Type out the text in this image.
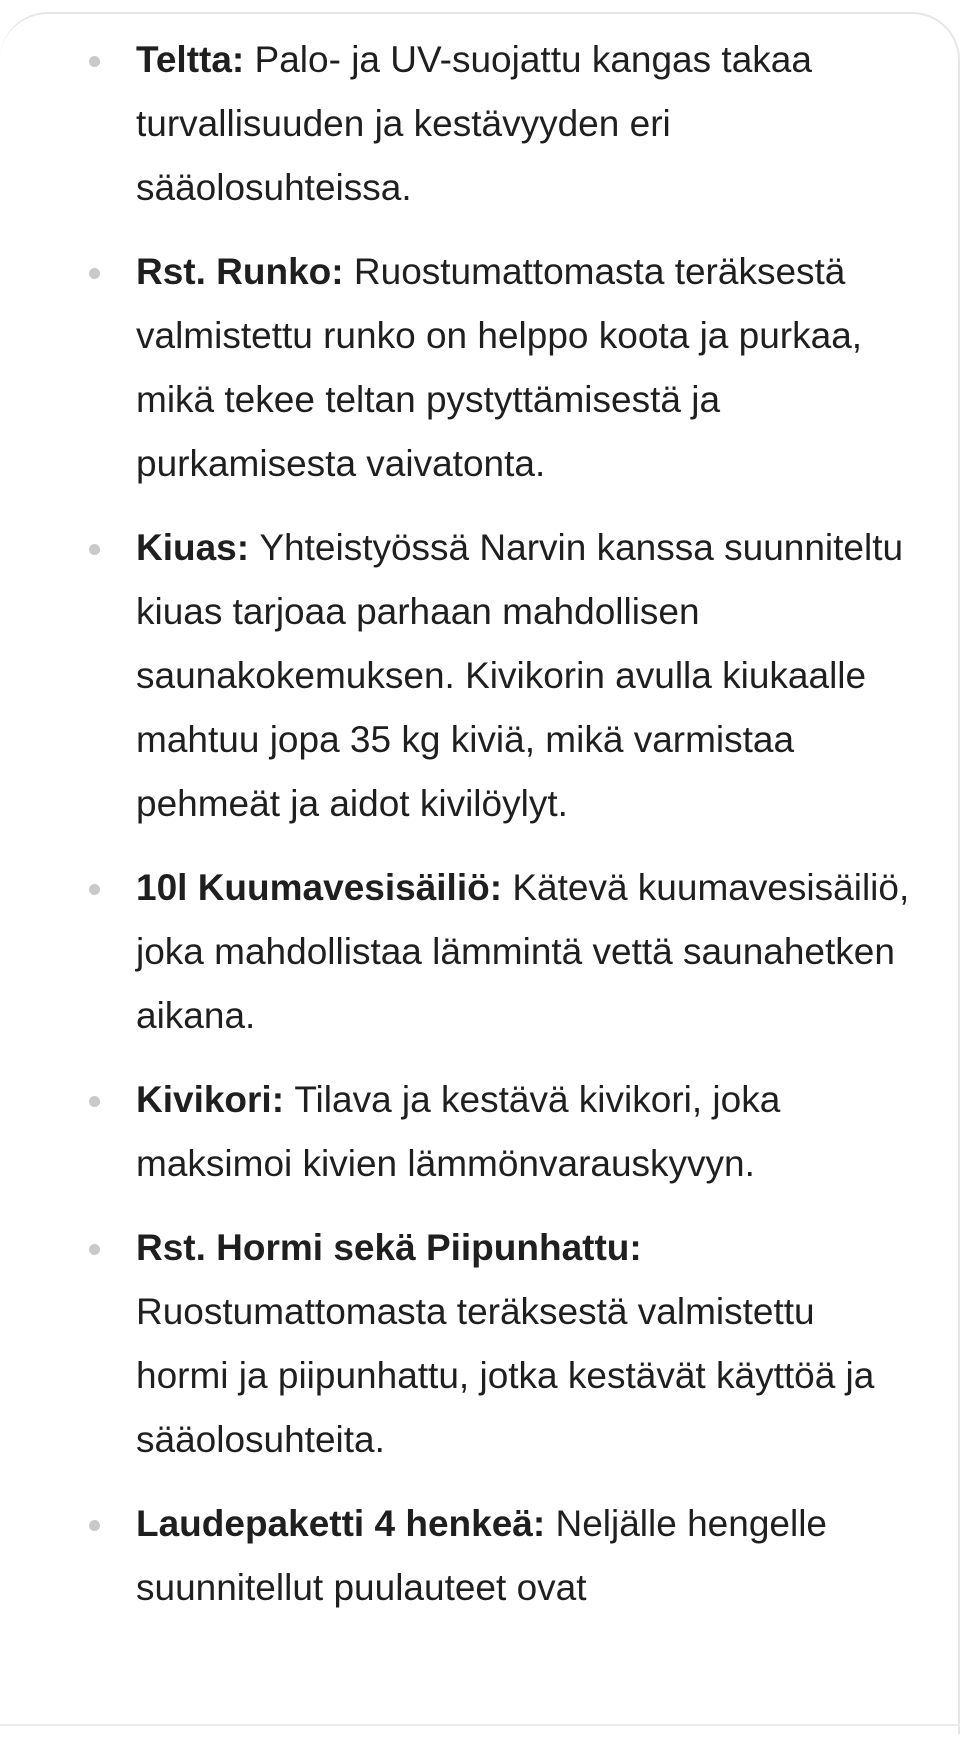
Teltta: Palo- ja UV-suojattu kangas takaa turvallisuuden ja kestävyyden eri sääolosuhteissa.
Rst. Runko: Ruostumattomasta teräksestä valmistettu runko on helppo koota ja purkaa, mikä tekee teltan pystyttämisestä ja purkamisesta vaivatonta.
Kiuas: Yhteistyössä Narvin kanssa suunniteltu kiuas tarjoaa parhaan mahdollisen saunakokemuksen. Kivikorin avulla kiukaalle mahtuu jopa 35 kg kiviä, mikä varmistaa pehmeät ja aidot kivilöylyt.
10l Kuumavesisäiliö: Kätevä kuumavesisäiliö, joka mahdollistaa lämmintä vettä saunahetken aikana.
Kivikori: Tilava ja kestävä kivikori, joka maksimoi kivien lämmönvarauskyvyn.
Rst. Hormi sekä Piipunhattu: Ruostumattomasta teräksestä valmistettu hormi ja piipunhattu, jotka kestävät käyttöä ja sääolosuhteita.
Laudepaketti 4 henkeä: Neljälle hengelle suunnitellut puulauteet ovat
